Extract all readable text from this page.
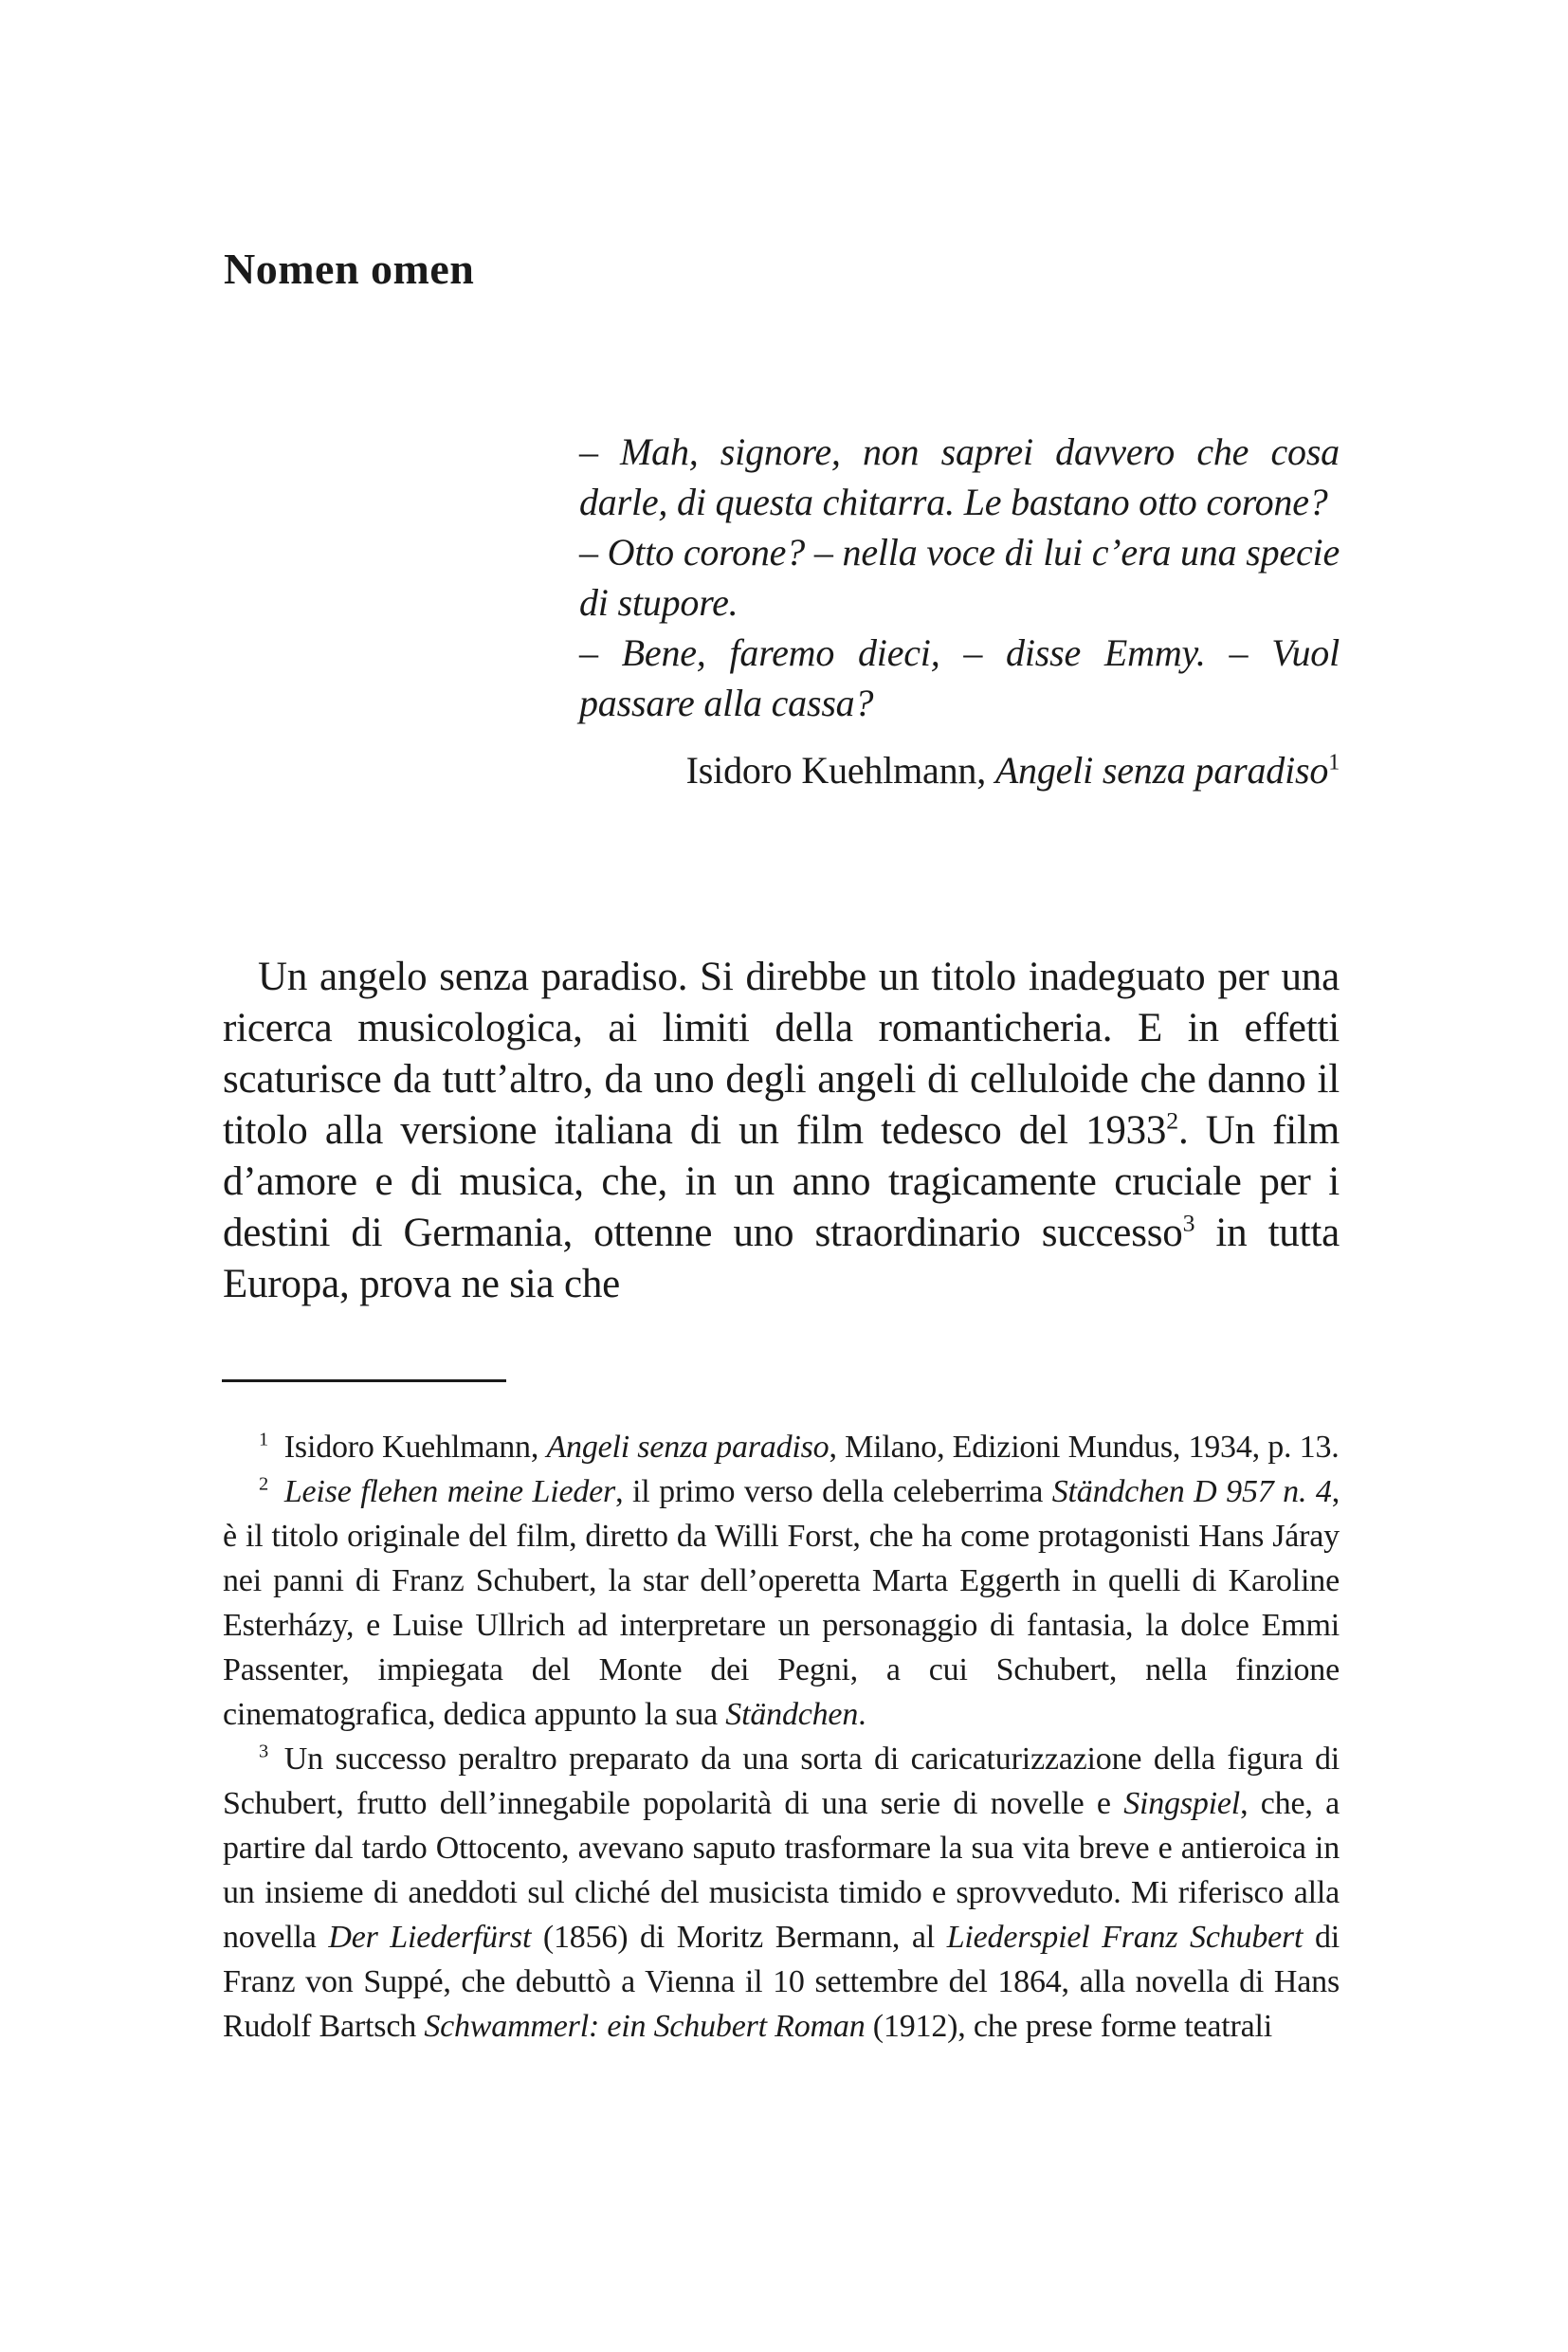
Nomen omen

– Mah, signore, non saprei davvero che cosa darle, di questa chitarra. Le bastano otto corone?

– Otto corone? – nella voce di lui c’era una specie di stupore.

– Bene, faremo dieci, – disse Emmy. – Vuol passare alla cassa?

Isidoro Kuehlmann, Angeli senza paradiso$^1$

Un angelo senza paradiso. Si direbbe un titolo inadeguato per una ricerca musicologica, ai limiti della romanticheria. E in effetti scaturisce da tutt’altro, da uno degli angeli di celluloide che danno il titolo alla versione italiana di un film tedesco del 1933$^2$. Un film d’amore e di musica, che, in un anno tragicamente cruciale per i destini di Germania, ottenne uno straordinario successo$^3$ in tutta Europa, prova ne sia che

$^1$ Isidoro Kuehlmann, Angeli senza paradiso, Milano, Edizioni Mundus, 1934, p. 13.

$^2$  Leise flehen meine Lieder, il primo verso della celeberrima Ständchen D 957 n. 4, è il titolo originale del film, diretto da Willi Forst, che ha come protagonisti Hans Járay nei panni di Franz Schubert, la star dell’operetta Marta Eggerth in quelli di Karoline Esterházy, e Luise Ullrich ad interpretare un personaggio di fantasia, la dolce Emmi Passenter, impiegata del Monte dei Pegni, a cui Schubert, nella finzione cinematografica, dedica appunto la sua Ständchen.

$^3$ Un successo peraltro preparato da una sorta di caricaturizzazione della figura di Schubert, frutto dell’innegabile popolarità di una serie di novelle e Singspiel, che, a partire dal tardo Ottocento, avevano saputo trasformare la sua vita breve e antieroica in un insieme di aneddoti sul cliché del musicista timido e sprovveduto. Mi riferisco alla novella Der Liederfürst (1856) di Moritz Bermann, al Liederspiel Franz Schubert di Franz von Suppé, che debuttò a Vienna il 10 settembre del 1864, alla novella di Hans Rudolf Bartsch Schwammerl: ein Schubert Roman (1912), che prese forme teatrali
